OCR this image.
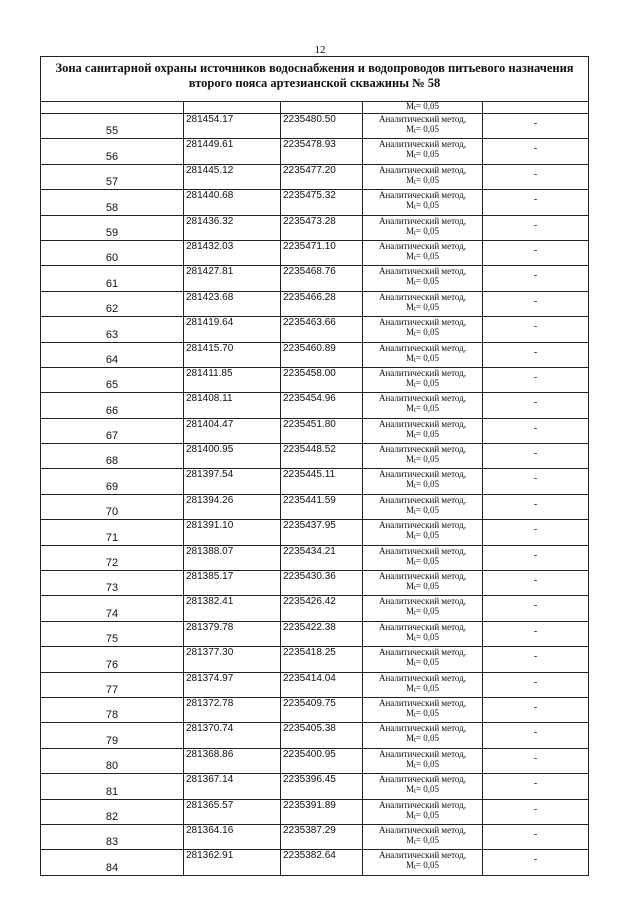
12
Зона санитарной охраны источников водоснабжения и водопроводов питьевого назначения второго пояса артезианской скважины № 58				
			Mt= 0,05	
55	281454.17	2235480.50	Аналитический метод,
Mt= 0,05	-
56	281449.61	2235478.93	Аналитический метод,
Mt= 0,05	-
57	281445.12	2235477.20	Аналитический метод,
Mt= 0,05	-
58	281440.68	2235475.32	Аналитический метод,
Mt= 0,05	-
59	281436.32	2235473.28	Аналитический метод,
Mt= 0,05	-
60	281432.03	2235471.10	Аналитический метод,
Mt= 0,05	-
61	281427.81	2235468.76	Аналитический метод,
Mt= 0,05	-
62	281423.68	2235466.28	Аналитический метод,
Mt= 0,05	-
63	281419.64	2235463.66	Аналитический метод,
Mt= 0,05	-
64	281415.70	2235460.89	Аналитический метод,
Mt= 0,05	-
65	281411.85	2235458.00	Аналитический метод,
Mt= 0,05	-
66	281408.11	2235454.96	Аналитический метод,
Mt= 0,05	-
67	281404.47	2235451.80	Аналитический метод,
Mt= 0,05	-
68	281400.95	2235448.52	Аналитический метод,
Mt= 0,05	-
69	281397.54	2235445.11	Аналитический метод,
Mt= 0,05	-
70	281394.26	2235441.59	Аналитический метод,
Mt= 0,05	-
71	281391.10	2235437.95	Аналитический метод,
Mt= 0,05	-
72	281388.07	2235434.21	Аналитический метод,
Mt= 0,05	-
73	281385.17	2235430.36	Аналитический метод,
Mt= 0,05	-
74	281382.41	2235426.42	Аналитический метод,
Mt= 0,05	-
75	281379.78	2235422.38	Аналитический метод,
Mt= 0,05	-
76	281377.30	2235418.25	Аналитический метод,
Mt= 0,05	-
77	281374.97	2235414.04	Аналитический метод,
Mt= 0,05	-
78	281372.78	2235409.75	Аналитический метод,
Mt= 0,05	-
79	281370.74	2235405.38	Аналитический метод,
Mt= 0,05	-
80	281368.86	2235400.95	Аналитический метод,
Mt= 0,05	-
81	281367.14	2235396.45	Аналитический метод,
Mt= 0,05	-
82	281365.57	2235391.89	Аналитический метод,
Mt= 0,05	-
83	281364.16	2235387.29	Аналитический метод,
Mt= 0,05	-
84	281362.91	2235382.64	Аналитический метод,
Mt= 0,05	-
